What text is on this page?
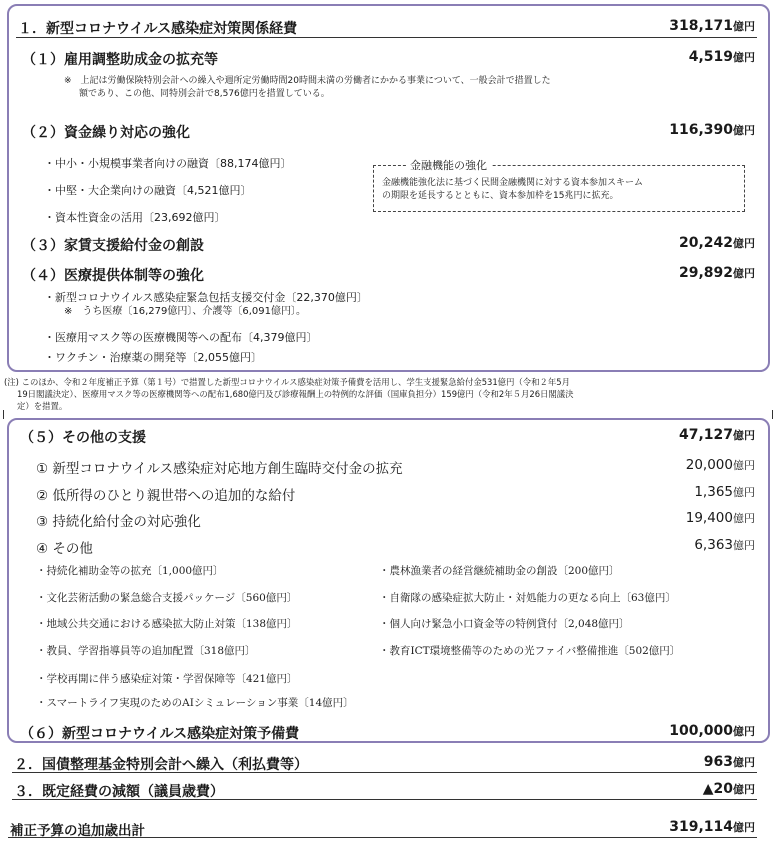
１．新型コロナウイルス感染症対策関係経費	318,171億円
（１）雇用調整助成金の拡充等	4,519億円
※　上記は労働保険特別会計への繰入や週所定労働時間20時間未満の労働者にかかる事業について、一般会計で措置した
額であり、この他、同特別会計で8,576億円を措置している。
（２）資金繰り対応の強化	116,390億円
・中小・小規模事業者向けの融資〔88,174億円〕
・中堅・大企業向けの融資〔4,521億円〕
・資本性資金の活用〔23,692億円〕
金融機能の強化
金融機能強化法に基づく民間金融機関に対する資本参加スキーム
の期限を延長するとともに、資本参加枠を15兆円に拡充。
（３）家賃支援給付金の創設	20,242億円
（４）医療提供体制等の強化	29,892億円
・新型コロナウイルス感染症緊急包括支援交付金〔22,370億円〕
※　うち医療〔16,279億円〕、介護等〔6,091億円〕。
・医療用マスク等の医療機関等への配布〔4,379億円〕
・ワクチン・治療薬の開発等〔2,055億円〕
(注) このほか、令和２年度補正予算（第１号）で措置した新型コロナウイルス感染症対策予備費を活用し、学生支援緊急給付金531億円（令和２年5月
19日閣議決定）、医療用マスク等の医療機関等への配布1,680億円及び診療報酬上の特例的な評価（国庫負担分）159億円（令和2年５月26日閣議決
定）を措置。
（５）その他の支援	47,127億円
① 新型コロナウイルス感染症対応地方創生臨時交付金の拡充	20,000億円
② 低所得のひとり親世帯への追加的な給付	1,365億円
③ 持続化給付金の対応強化	19,400億円
④ その他	6,363億円
・持続化補助金等の拡充〔1,000億円〕	・農林漁業者の経営継続補助金の創設〔200億円〕
・文化芸術活動の緊急総合支援パッケージ〔560億円〕	・自衛隊の感染症拡大防止・対処能力の更なる向上〔63億円〕
・地域公共交通における感染拡大防止対策〔138億円〕	・個人向け緊急小口資金等の特例貸付〔2,048億円〕
・教員、学習指導員等の追加配置〔318億円〕	・教育ICT環境整備等のための光ファイバ整備推進〔502億円〕
・学校再開に伴う感染症対策・学習保障等〔421億円〕
・スマートライフ実現のためのAIシミュレーション事業〔14億円〕
（６）新型コロナウイルス感染症対策予備費	100,000億円
２．国債整理基金特別会計へ繰入（利払費等）	963億円
３．既定経費の減額（議員歳費）	▲20億円
補正予算の追加歳出計	319,114億円
